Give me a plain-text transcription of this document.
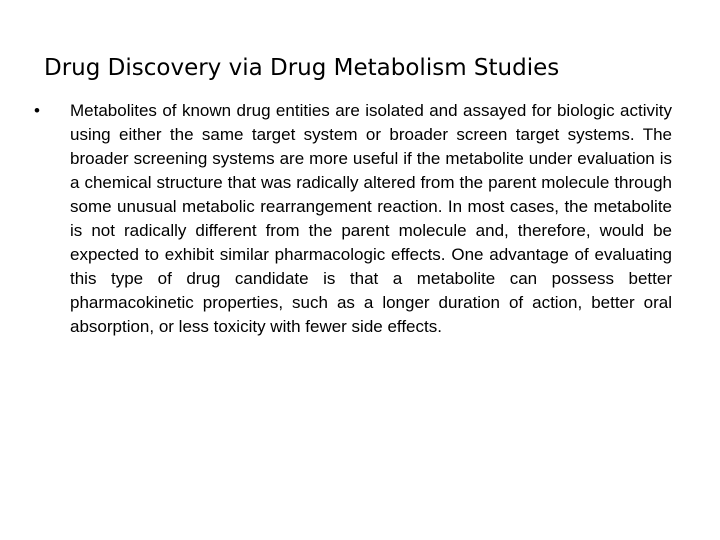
Drug Discovery via Drug Metabolism Studies
• Metabolites of known drug entities are isolated and assayed for biologic activity using either the same target system or broader screen target systems. The broader screening systems are more useful if the metabolite under evaluation is a chemical structure that was radically altered from the parent molecule through some unusual metabolic rearrangement reaction. In most cases, the metabolite is not radically different from the parent molecule and, therefore, would be expected to exhibit similar pharmacologic effects. One advantage of evaluating this type of drug candidate is that a metabolite can possess better pharmacokinetic properties, such as a longer duration of action, better oral absorption, or less toxicity with fewer side effects.
